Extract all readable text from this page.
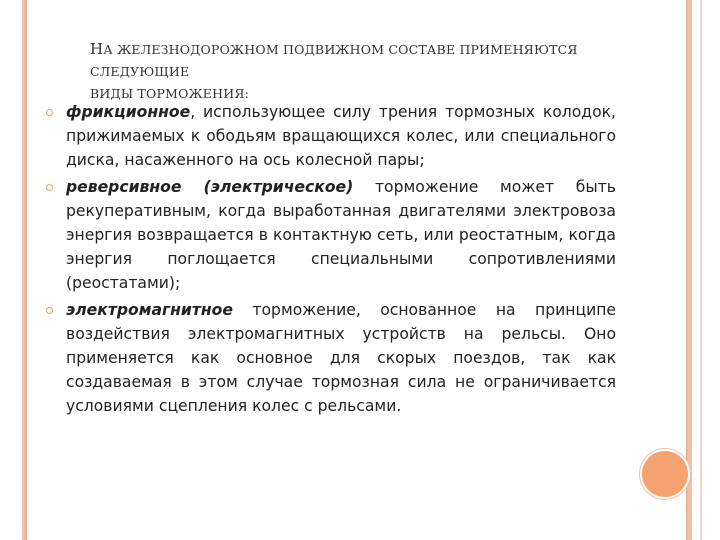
НА ЖЕЛЕЗНОДОРОЖНОМ ПОДВИЖНОМ СОСТАВЕ ПРИМЕНЯЮТСЯ СЛЕДУЮЩИЕ
ВИДЫ ТОРМОЖЕНИЯ:
фрикционное, использующее силу трения тормозных колодок, прижимаемых к ободьям вращающихся колес, или специального диска, насаженного на ось колесной пары;
реверсивное (электрическое) торможение может быть рекуперативным, когда выработанная двигателями электровоза энергия возвращается в контактную сеть, или реостатным, когда энергия поглощается специальными сопротивлениями (реостатами);
электромагнитное торможение, основанное на принципе воздействия электромагнитных устройств на рельсы. Оно применяется как основное для скорых поездов, так как создаваемая в этом случае тормозная сила не ограничивается условиями сцепления колес с рельсами.
